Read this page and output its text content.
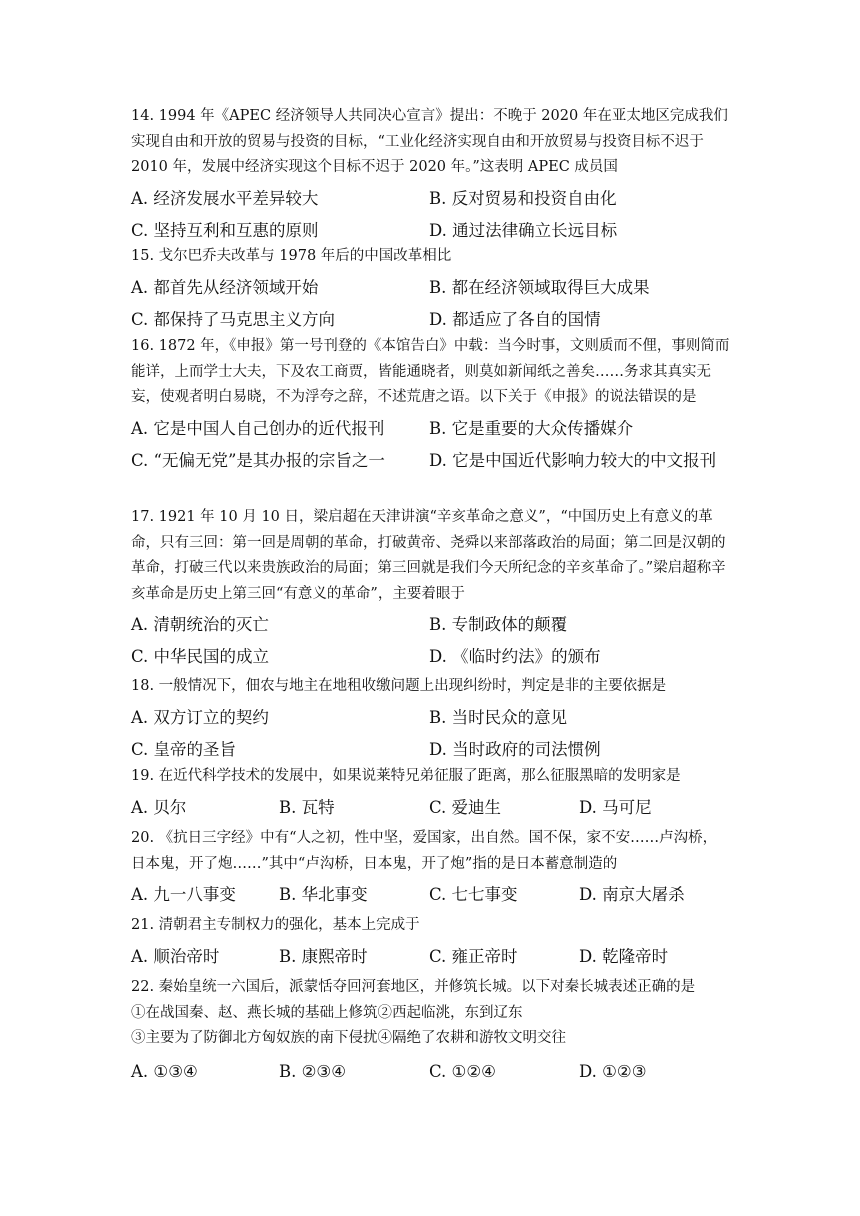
14. 1994 年《APEC 经济领导人共同决心宣言》提出：不晚于 2020 年在亚太地区完成我们实现自由和开放的贸易与投资的目标，“工业化经济实现自由和开放贸易与投资目标不迟于 2010 年，发展中经济实现这个目标不迟于 2020 年。”这表明 APEC 成员国

A. 经济发展水平差异较大	B. 反对贸易和投资自由化
C. 坚持互利和互惠的原则	D. 通过法律确立长远目标

15. 戈尔巴乔夫改革与 1978 年后的中国改革相比

A. 都首先从经济领域开始	B. 都在经济领域取得巨大成果
C. 都保持了马克思主义方向	D. 都适应了各自的国情

16. 1872 年，《申报》第一号刊登的《本馆告白》中载：当今时事，文则质而不俚，事则简而能详，上而学士大夫，下及农工商贾，皆能通晓者，则莫如新闻纸之善矣……务求其真实无妄，使观者明白易晓，不为浮夸之辞，不述荒唐之语。以下关于《申报》的说法错误的是

A. 它是中国人自己创办的近代报刊	B. 它是重要的大众传播媒介
C. “无偏无党”是其办报的宗旨之一	D. 它是中国近代影响力较大的中文报刊

17. 1921 年 10 月 10 日，梁启超在天津讲演“辛亥革命之意义”，“中国历史上有意义的革命，只有三回：第一回是周朝的革命，打破黄帝、尧舜以来部落政治的局面；第二回是汉朝的革命，打破三代以来贵族政治的局面；第三回就是我们今天所纪念的辛亥革命了。”梁启超称辛亥革命是历史上第三回“有意义的革命”，主要着眼于

A. 清朝统治的灭亡	B. 专制政体的颠覆
C. 中华民国的成立	D. 《临时约法》的颁布

18. 一般情况下，佃农与地主在地租收缴问题上出现纠纷时，判定是非的主要依据是

A. 双方订立的契约	B. 当时民众的意见
C. 皇帝的圣旨	D. 当时政府的司法惯例

19. 在近代科学技术的发展中，如果说莱特兄弟征服了距离，那么征服黑暗的发明家是

A. 贝尔	B. 瓦特	C. 爱迪生	D. 马可尼

20. 《抗日三字经》中有“人之初，性中坚，爱国家，出自然。国不保，家不安……卢沟桥，日本鬼，开了炮……”其中“卢沟桥，日本鬼，开了炮”指的是日本蓄意制造的

A. 九一八事变	B. 华北事变	C. 七七事变	D. 南京大屠杀

21. 清朝君主专制权力的强化，基本上完成于

A. 顺治帝时	B. 康熙帝时	C. 雍正帝时	D. 乾隆帝时

22. 秦始皇统一六国后，派蒙恬夺回河套地区，并修筑长城。以下对秦长城表述正确的是

①在战国秦、赵、燕长城的基础上修筑②西起临洮，东到辽东

③主要为了防御北方匈奴族的南下侵扰④隔绝了农耕和游牧文明交往

A. ①③④	B. ②③④	C. ①②④	D. ①②③
